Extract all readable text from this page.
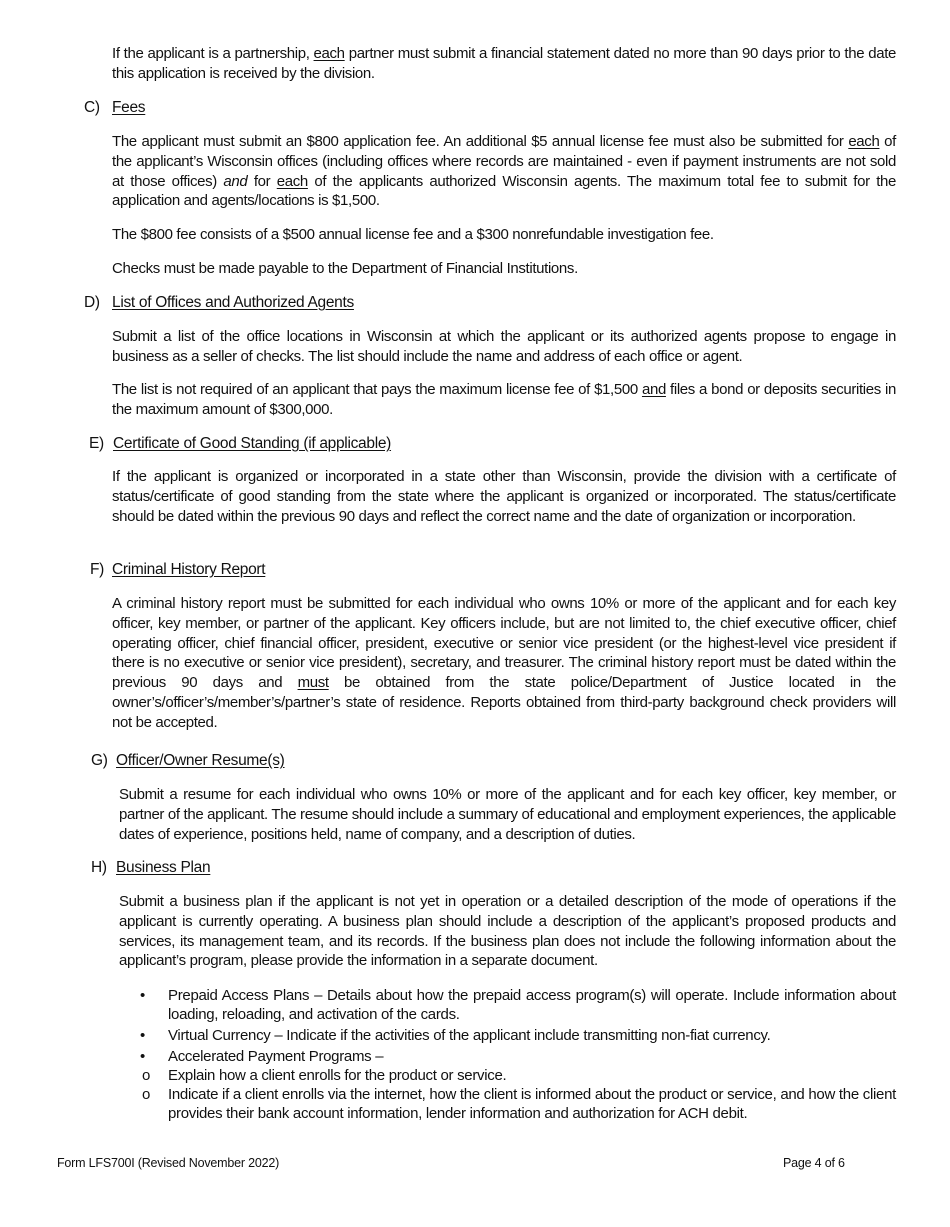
If the applicant is a partnership, each partner must submit a financial statement dated no more than 90 days prior to the date this application is received by the division.
C) Fees
The applicant must submit an $800 application fee. An additional $5 annual license fee must also be submitted for each of the applicant’s Wisconsin offices (including offices where records are maintained - even if payment instruments are not sold at those offices) and for each of the applicants authorized Wisconsin agents. The maximum total fee to submit for the application and agents/locations is $1,500.
The $800 fee consists of a $500 annual license fee and a $300 nonrefundable investigation fee.
Checks must be made payable to the Department of Financial Institutions.
D) List of Offices and Authorized Agents
Submit a list of the office locations in Wisconsin at which the applicant or its authorized agents propose to engage in business as a seller of checks. The list should include the name and address of each office or agent.
The list is not required of an applicant that pays the maximum license fee of $1,500 and files a bond or deposits securities in the maximum amount of $300,000.
E) Certificate of Good Standing (if applicable)
If the applicant is organized or incorporated in a state other than Wisconsin, provide the division with a certificate of status/certificate of good standing from the state where the applicant is organized or incorporated. The status/certificate should be dated within the previous 90 days and reflect the correct name and the date of organization or incorporation.
F) Criminal History Report
A criminal history report must be submitted for each individual who owns 10% or more of the applicant and for each key officer, key member, or partner of the applicant. Key officers include, but are not limited to, the chief executive officer, chief operating officer, chief financial officer, president, executive or senior vice president (or the highest-level vice president if there is no executive or senior vice president), secretary, and treasurer. The criminal history report must be dated within the previous 90 days and must be obtained from the state police/Department of Justice located in the owner’s/officer’s/member’s/partner’s state of residence. Reports obtained from third-party background check providers will not be accepted.
G) Officer/Owner Resume(s)
Submit a resume for each individual who owns 10% or more of the applicant and for each key officer, key member, or partner of the applicant. The resume should include a summary of educational and employment experiences, the applicable dates of experience, positions held, name of company, and a description of duties.
H) Business Plan
Submit a business plan if the applicant is not yet in operation or a detailed description of the mode of operations if the applicant is currently operating. A business plan should include a description of the applicant’s proposed products and services, its management team, and its records. If the business plan does not include the following information about the applicant’s program, please provide the information in a separate document.
• Prepaid Access Plans – Details about how the prepaid access program(s) will operate. Include information about loading, reloading, and activation of the cards.
• Virtual Currency – Indicate if the activities of the applicant include transmitting non-fiat currency.
• Accelerated Payment Programs –
o Explain how a client enrolls for the product or service.
o Indicate if a client enrolls via the internet, how the client is informed about the product or service, and how the client provides their bank account information, lender information and authorization for ACH debit.
Form LFS700I (Revised November 2022)	Page 4 of 6
